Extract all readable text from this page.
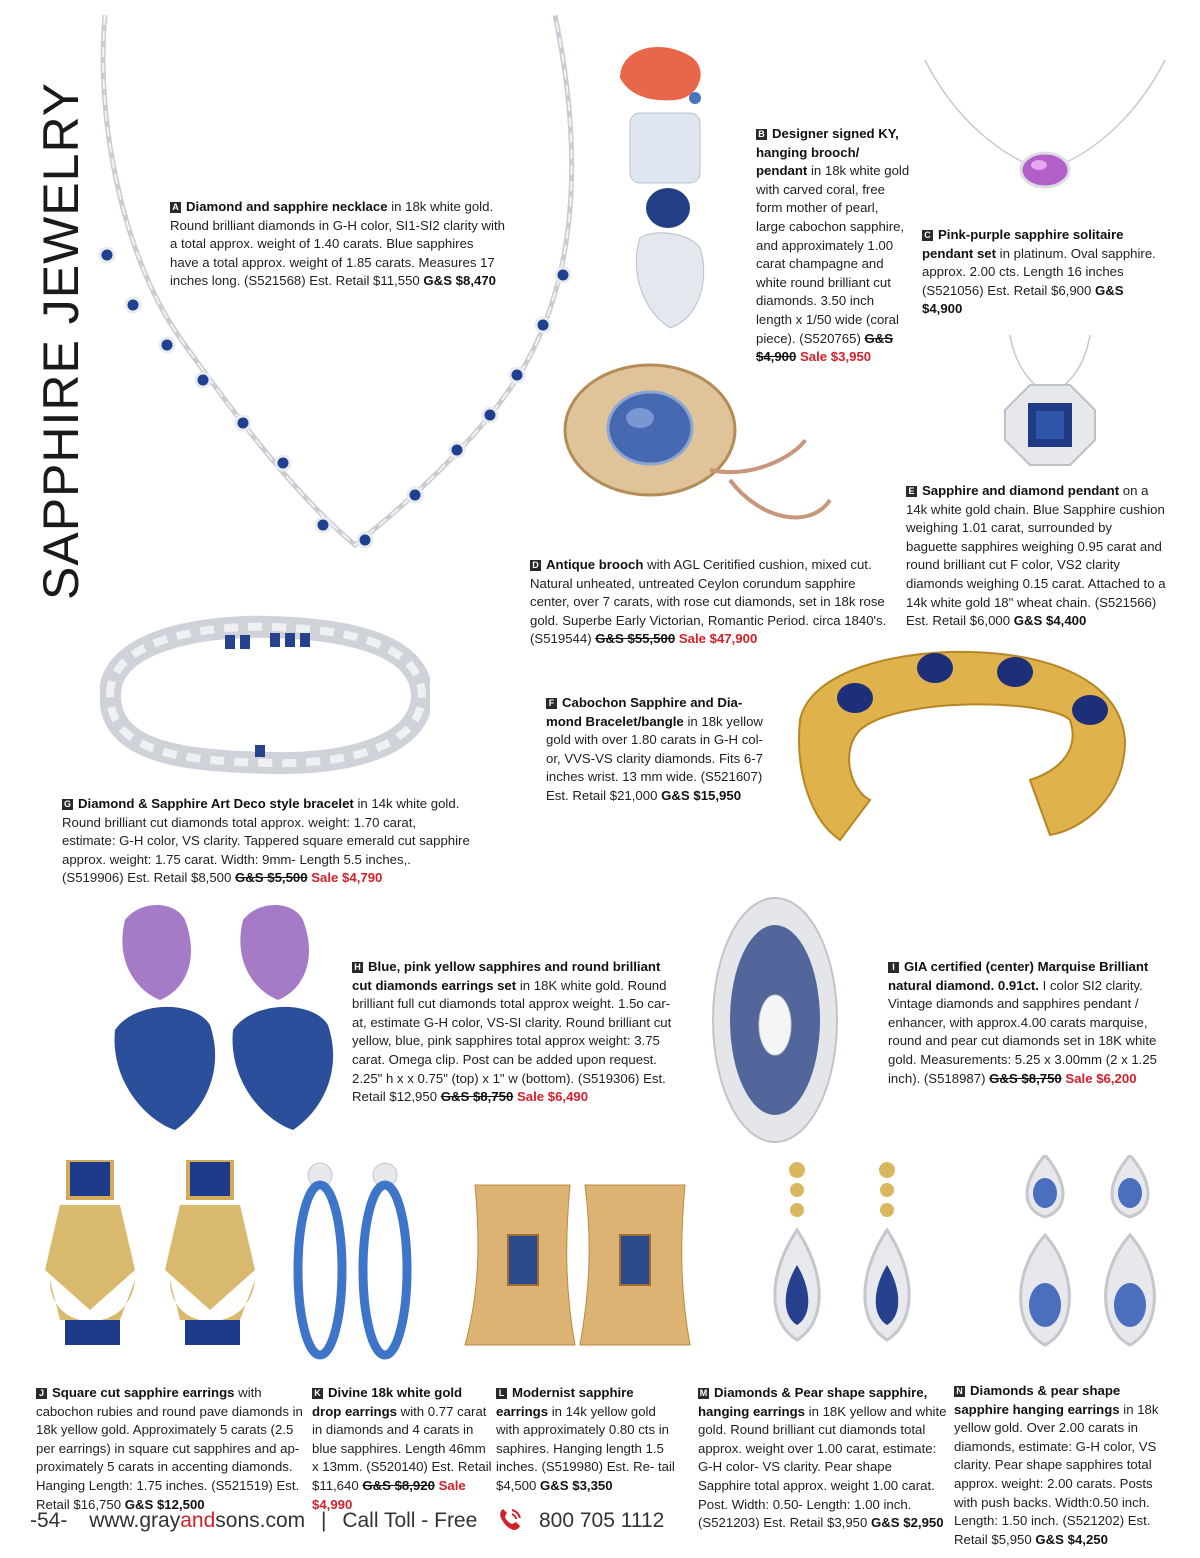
SAPPHIRE JEWELRY	A Diamond and sapphire necklace in 18k white gold. Round brilliant diamonds in G-H color, SI1-SI2 clarity with a total approx. weight of 1.40 carats. Blue sapphires have a total approx. weight of 1.85 carats. Measures 17 inches long. (S521568) Est. Retail $11,550 G&S $8,470
B Designer signed KY, hanging brooch/ pendant in 18k white gold with carved coral, free form mother of pearl, large cabochon sapphire, and approximately 1.00 carat champagne and white round brilliant cut diamonds. 3.50 inch length x 1/50 wide (coral piece). (S520765) G&S $4,900 Sale $3,950
C Pink-purple sapphire solitaire pendant set in platinum. Oval sapphire. approx. 2.00 cts. Length 16 inches (S521056) Est. Retail $6,900 G&S $4,900
D Antique brooch with AGL Ceritified cushion, mixed cut. Natural unheated, untreated Ceylon corundum sapphire center, over 7 carats, with rose cut diamonds, set in 18k rose gold. Superbe Early Victorian, Romantic Period. circa 1840's. (S519544) G&S $55,500 Sale $47,900
E Sapphire and diamond pendant on a 14k white gold chain. Blue Sapphire cushion weighing 1.01 carat, surrounded by baguette sapphires weighing 0.95 carat and round brilliant cut F color, VS2 clarity diamonds weighing 0.15 carat. Attached to a 14k white gold 18" wheat chain. (S521566) Est. Retail $6,000 G&S $4,400
F Cabochon Sapphire and Dia- mond Bracelet/bangle in 18k yellow gold with over 1.80 carats in G-H col- or, VVS-VS clarity diamonds. Fits 6-7 inches wrist. 13 mm wide. (S521607) Est. Retail $21,000 G&S $15,950
G Diamond & Sapphire Art Deco style bracelet in 14k white gold. Round brilliant cut diamonds total approx. weight: 1.70 carat, estimate: G-H color, VS clarity. Tappered square emerald cut sapphire approx. weight: 1.75 carat. Width: 9mm- Length 5.5 inches,. (S519906) Est. Retail $8,500 G&S $5,500 Sale $4,790
H Blue, pink yellow sapphires and round brilliant cut diamonds earrings set in 18K white gold. Round brilliant full cut diamonds total approx weight. 1.5o car- at, estimate G-H color, VS-SI clarity. Round brilliant cut yellow, blue, pink sapphires total approx weight: 3.75 carat. Omega clip. Post can be added upon request. 2.25" h x x 0.75" (top) x 1" w (bottom). (S519306) Est. Retail $12,950 G&S $8,750 Sale $6,490
I GIA certified (center) Marquise Brilliant natural diamond. 0.91ct. I color SI2 clarity. Vintage diamonds and sapphires pendant / enhancer, with approx.4.00 carats marquise, round and pear cut diamonds set in 18K white gold. Measurements: 5.25 x 3.00mm (2 x 1.25 inch). (S518987) G&S $8,750 Sale $6,200
J Square cut sapphire earrings with cabochon rubies and round pave diamonds in 18k yellow gold. Approximately 5 carats (2.5 per earrings) in square cut sapphires and ap- proximately 5 carats in accenting diamonds. Hanging Length: 1.75 inches. (S521519) Est. Retail $16,750 G&S $12,500
K Divine 18k white gold drop earrings with 0.77 carat in diamonds and 4 carats in blue sapphires. Length 46mm x 13mm. (S520140) Est. Retail $11,640 G&S $8,920 Sale $4,990
L Modernist sapphire earrings in 14k yellow gold with approximately 0.80 cts in saphires. Hanging length 1.5 inches. (S519980) Est. Re- tail $4,500 G&S $3,350
M Diamonds & Pear shape sapphire, hanging earrings in 18K yellow and white gold. Round brilliant cut diamonds total approx. weight over 1.00 carat, estimate: G-H color- VS clarity. Pear shape Sapphire total approx. weight 1.00 carat. Post. Width: 0.50- Length: 1.00 inch. (S521203) Est. Retail $3,950 G&S $2,950
N Diamonds & pear shape sapphire hanging earrings in 18k yellow gold. Over 2.00 carats in diamonds, estimate: G-H color, VS clarity. Pear shape sapphires total approx. weight: 2.00 carats. Posts with push backs. Width:0.50 inch. Length: 1.50 inch. (S521202) Est. Retail $5,950 G&S $4,250
-54- www.grayandsons.com | Call Toll - Free	800 705 1112
